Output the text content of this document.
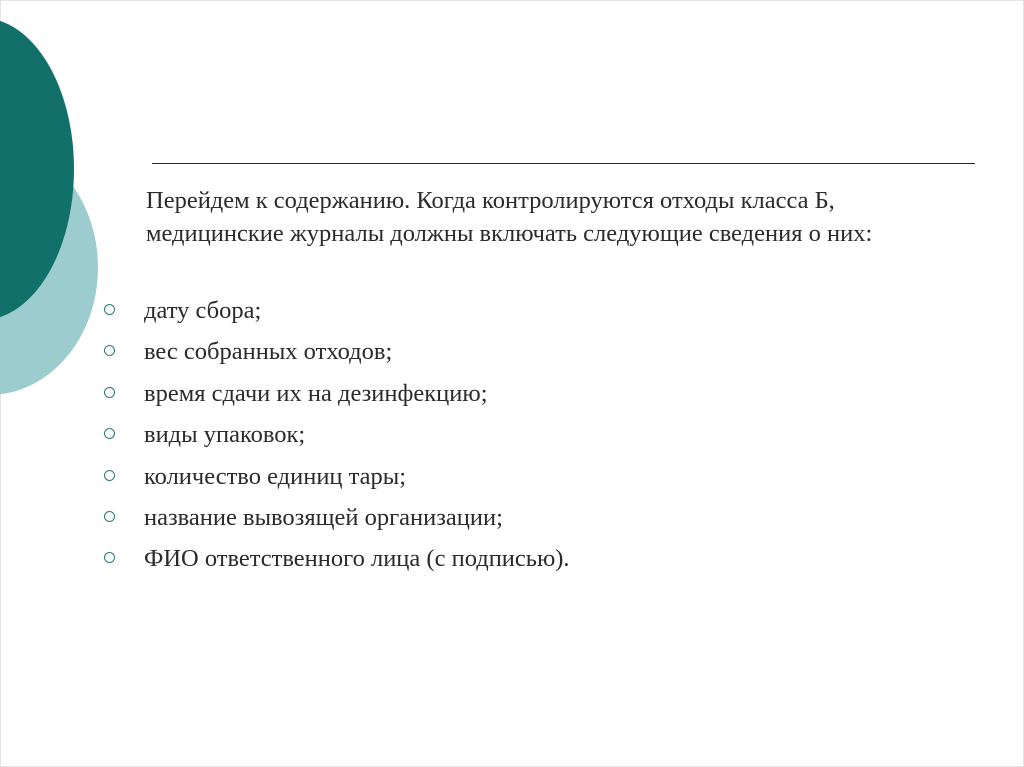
Перейдем к содержанию. Когда контролируются отходы класса Б, медицинские журналы должны включать следующие сведения о них:

дату сбора;
вес собранных отходов;
время сдачи их на дезинфекцию;
виды упаковок;
количество единиц тары;
название вывозящей организации;
ФИО ответственного лица (с подписью).
